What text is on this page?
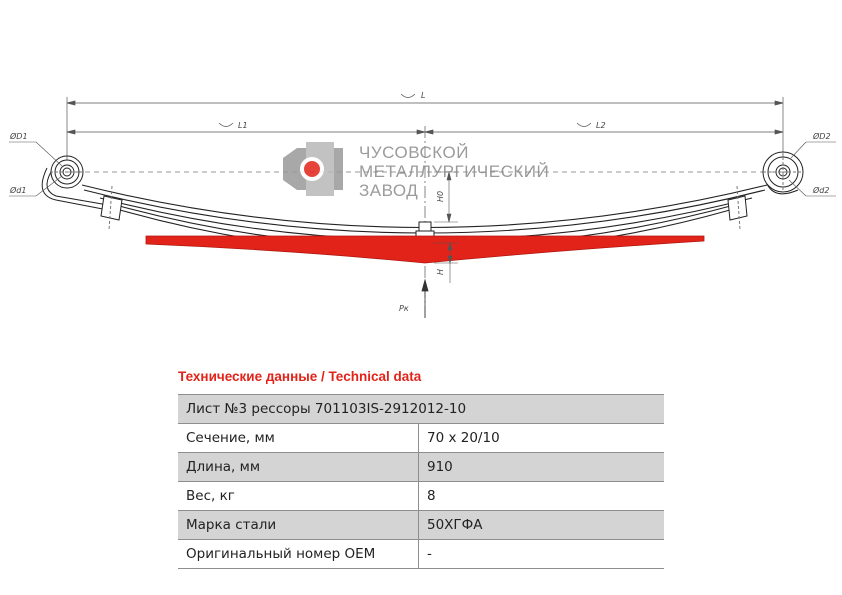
L
L1	L2
ØD1
Ød1
ØD2
Ød2
H0
H
Pк
ЧУСОВСКОЙ
МЕТАЛЛУРГИЧЕСКИЙ
ЗАВОД
Технические данные / Technical data
Лист №3 рессоры 701103IS-2912012-10	
Сечение, мм	70 x 20/10
Длина, мм	910
Вес, кг	8
Марка стали	50ХГФА
Оригинальный номер OEM	-
